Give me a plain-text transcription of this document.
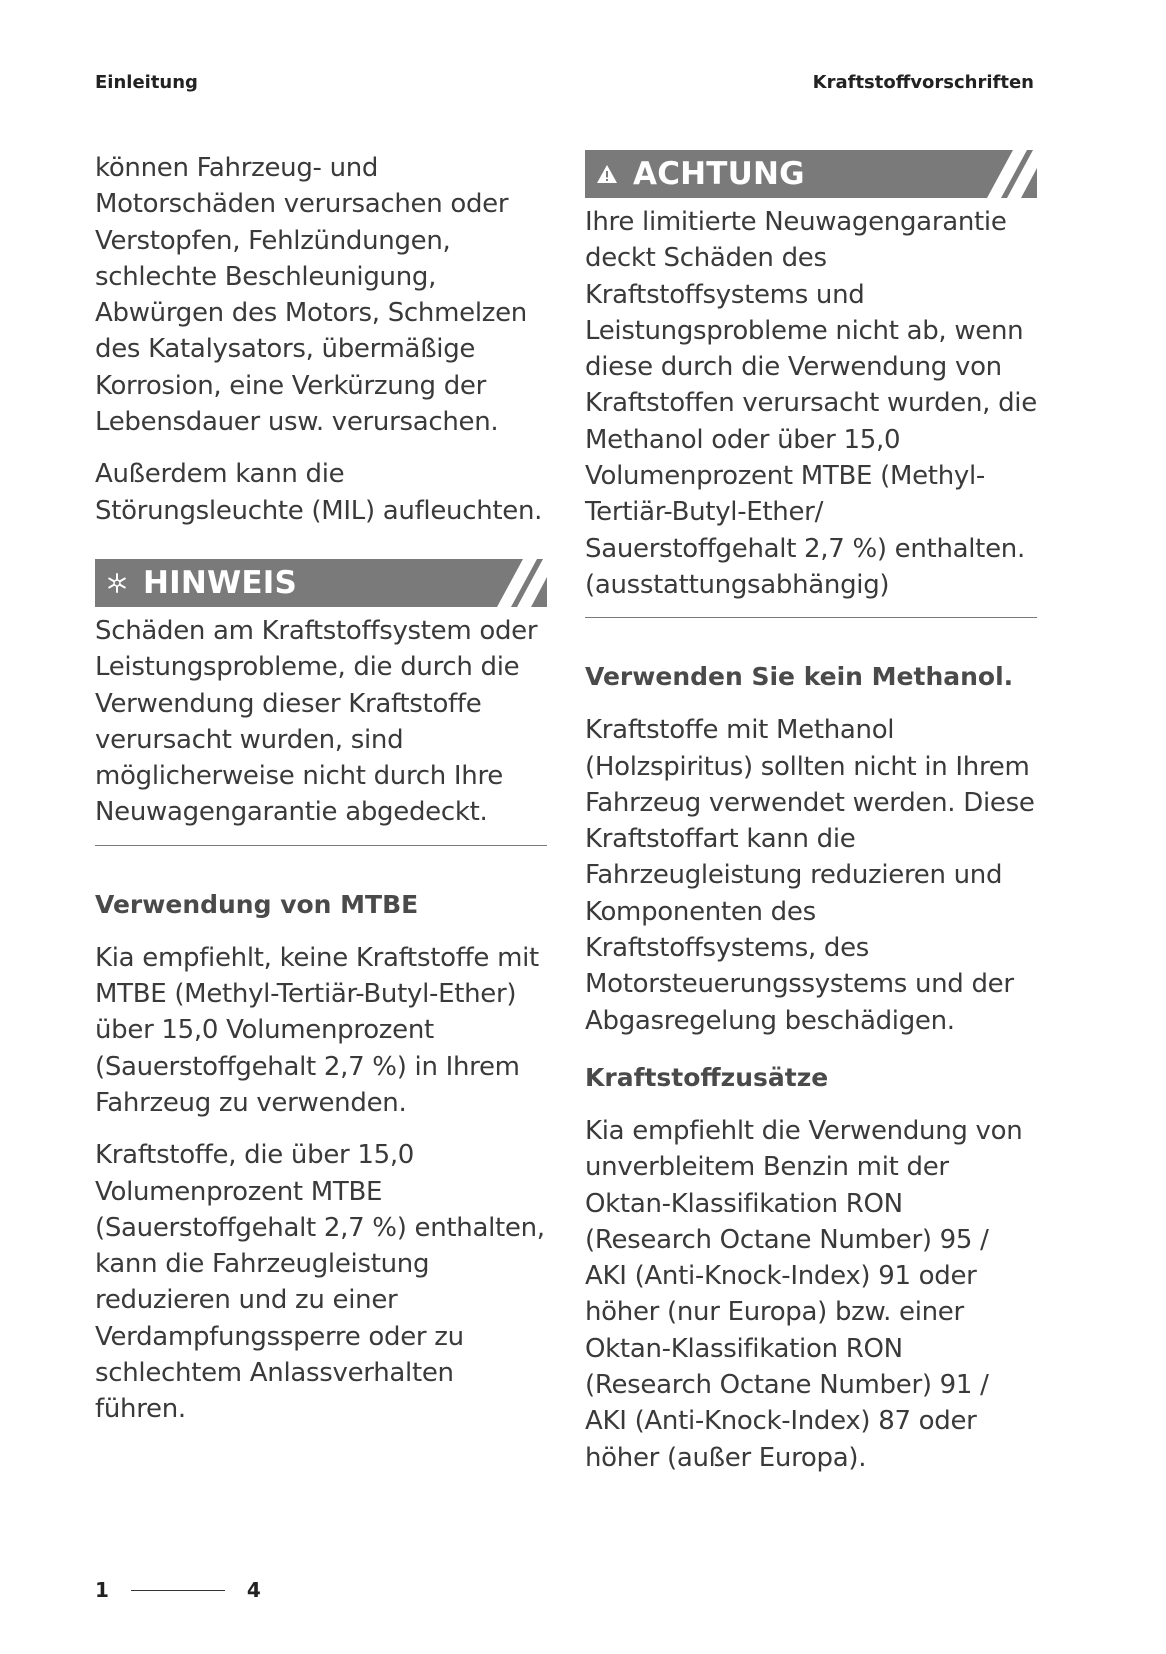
Einleitung	Kraftstoffvorschriften

können Fahrzeug- und Motorschäden verursachen oder Verstopfen, Fehlzündungen, schlechte Beschleunigung, Abwürgen des Motors, Schmelzen des Katalysators, übermäßige Korrosion, eine Verkürzung der Lebensdauer usw. verursachen.

Außerdem kann die Störungsleuchte (MIL) aufleuchten.

HINWEIS

Schäden am Kraftstoffsystem oder Leistungsprobleme, die durch die Verwendung dieser Kraftstoffe verursacht wurden, sind möglicherweise nicht durch Ihre Neuwagengarantie abgedeckt.

Verwendung von MTBE

Kia empfiehlt, keine Kraftstoffe mit MTBE (Methyl-Tertiär-Butyl-Ether) über 15,0 Volumenprozent (Sauerstoffgehalt 2,7 %) in Ihrem Fahrzeug zu verwenden.

Kraftstoffe, die über 15,0 Volumenprozent MTBE (Sauerstoffgehalt 2,7 %) enthalten, kann die Fahrzeugleistung reduzieren und zu einer Verdampfungssperre oder zu schlechtem Anlassverhalten führen.

ACHTUNG

Ihre limitierte Neuwagengarantie deckt Schäden des Kraftstoffsystems und Leistungsprobleme nicht ab, wenn diese durch die Verwendung von Kraftstoffen verursacht wurden, die Methanol oder über 15,0 Volumenprozent MTBE (Methyl-Tertiär-Butyl-Ether/ Sauerstoffgehalt 2,7 %) enthalten. (ausstattungsabhängig)

Verwenden Sie kein Methanol.

Kraftstoffe mit Methanol (Holzspiritus) sollten nicht in Ihrem Fahrzeug verwendet werden. Diese Kraftstoffart kann die Fahrzeugleistung reduzieren und Komponenten des Kraftstoffsystems, des Motorsteuerungssystems und der Abgasregelung beschädigen.

Kraftstoffzusätze

Kia empfiehlt die Verwendung von unverbleitem Benzin mit der Oktan-Klassifikation RON (Research Octane Number) 95 / AKI (Anti-Knock-Index) 91 oder höher (nur Europa) bzw. einer Oktan-Klassifikation RON (Research Octane Number) 91 / AKI (Anti-Knock-Index) 87 oder höher (außer Europa).

1	4
